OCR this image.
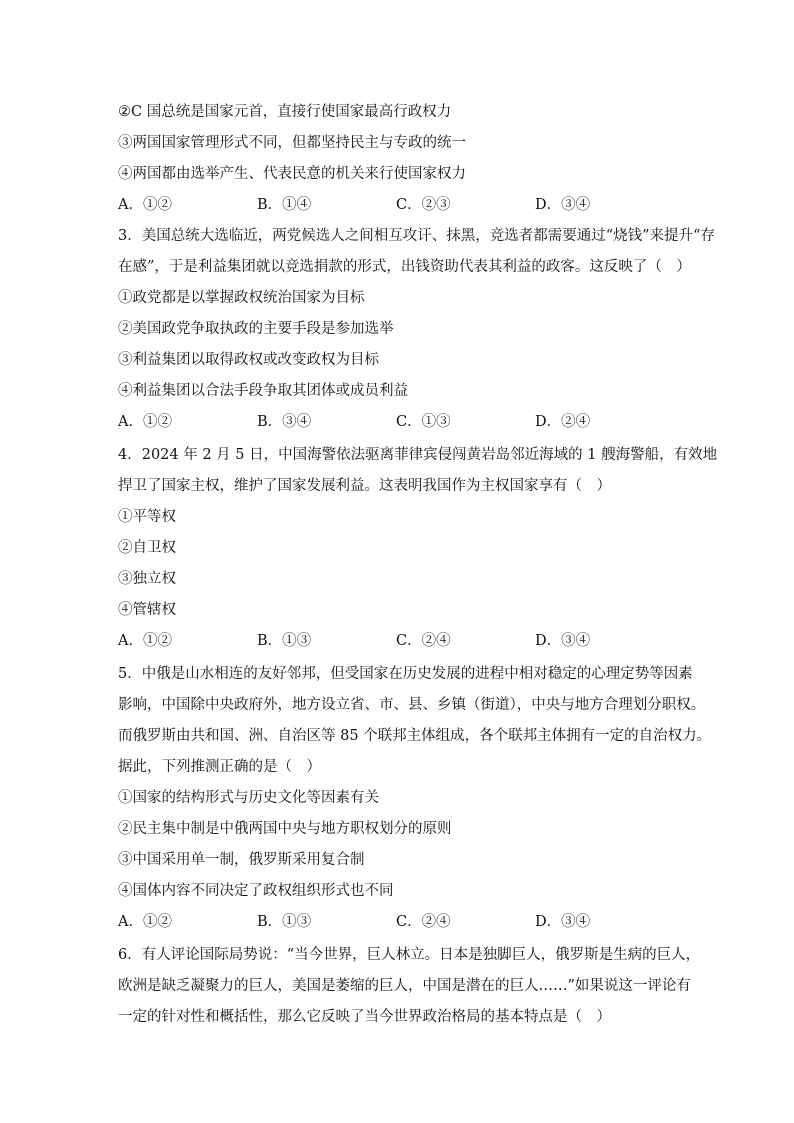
②C 国总统是国家元首，直接行使国家最高行政权力
③两国国家管理形式不同，但都坚持民主与专政的统一
④两国都由选举产生、代表民意的机关来行使国家权力
A．①②	B．①④	C．②③	D．③④
3．美国总统大选临近，两党候选人之间相互攻讦、抹黑，竞选者都需要通过“烧钱”来提升“存
在感”，于是利益集团就以竞选捐款的形式，出钱资助代表其利益的政客。这反映了（　）
①政党都是以掌握政权统治国家为目标
②美国政党争取执政的主要手段是参加选举
③利益集团以取得政权或改变政权为目标
④利益集团以合法手段争取其团体或成员利益
A．①②	B．③④	C．①③	D．②④
4．2024 年 2 月 5 日，中国海警依法驱离菲律宾侵闯黄岩岛邻近海域的 1 艘海警船，有效地
捍卫了国家主权，维护了国家发展利益。这表明我国作为主权国家享有（　）
①平等权
②自卫权
③独立权
④管辖权
A．①②	B．①③	C．②④	D．③④
5．中俄是山水相连的友好邻邦，但受国家在历史发展的进程中相对稳定的心理定势等因素
影响，中国除中央政府外，地方设立省、市、县、乡镇（街道），中央与地方合理划分职权。
而俄罗斯由共和国、洲、自治区等 85 个联邦主体组成，各个联邦主体拥有一定的自治权力。
据此，下列推测正确的是（　）
①国家的结构形式与历史文化等因素有关
②民主集中制是中俄两国中央与地方职权划分的原则
③中国采用单一制，俄罗斯采用复合制
④国体内容不同决定了政权组织形式也不同
A．①②	B．①③	C．②④	D．③④
6．有人评论国际局势说：“当今世界，巨人林立。日本是独脚巨人，俄罗斯是生病的巨人，
欧洲是缺乏凝聚力的巨人，美国是萎缩的巨人，中国是潜在的巨人……”如果说这一评论有
一定的针对性和概括性，那么它反映了当今世界政治格局的基本特点是（　）
